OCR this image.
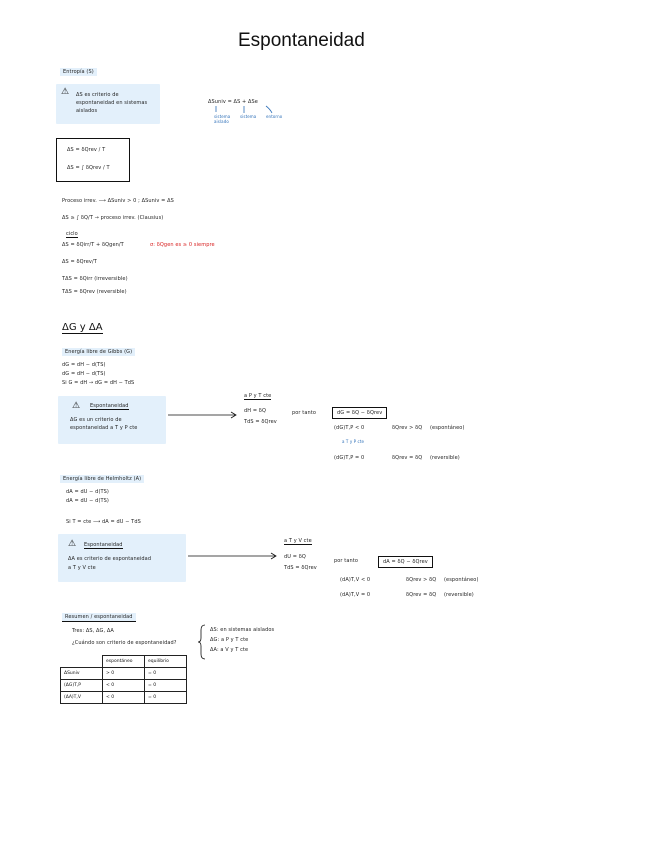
Espontaneidad
Entropía (S)
⚠ ΔS es criterio de
espontaneidad en sistemas
aislados
ΔSuniv = ΔS + ΔSe
sistema aislado
sistema entorno
ΔS = δQrev / T
ΔS = ∫ δQrev / T
Proceso irrev. ⟶ ΔSuniv > 0 ; ΔSuniv = ΔS
ΔS ≥ ∫ δQ/T → proceso irrev. (Clausius)
ciclo
ΔS = δQirr/T + δQgen/T	σ: δQgen es ≥ 0 siempre
ΔS = δQrev/T
TΔS = δQirr (irreversible)
TΔS = δQrev (reversible)
ΔG y ΔA
Energía libre de Gibbs (G)
dG = dH − d(TS)
dG = dH − d(TS)
Si G = dH → dG = dH − TdS
⚠ Espontaneidad
ΔG es un criterio de
espontaneidad a T y P cte
a P y T cte
dH = δQ
TdS = δQrev
por tanto	dG = δQ − δQrev
(dG)T,P < 0	δQrev > δQ (espontáneo)
a T y P cte
(dG)T,P = 0	δQrev = δQ (reversible)
Energía libre de Helmholtz (A)
dA = dU − d(TS)
dA = dU − d(TS)
Si T = cte ⟶ dA = dU − TdS
⚠ Espontaneidad
ΔA es criterio de espontaneidad
a T y V cte
a T y V cte
dU = δQ
TdS = δQrev
por tanto	dA = δQ − δQrev
(dA)T,V < 0	δQrev > δQ (espontáneo)
(dA)T,V = 0	δQrev = δQ (reversible)
Resumen / espontaneidad
Tres: ΔS, ΔG, ΔA
¿Cuándo son criterio de espontaneidad?
ΔS: en sistemas aislados
ΔG: a P y T cte
ΔA: a V y T cte
	espontáneo	equilibrio
ΔSuniv	> 0	= 0
(ΔG)T,P	< 0	= 0
(ΔA)T,V	< 0	= 0
